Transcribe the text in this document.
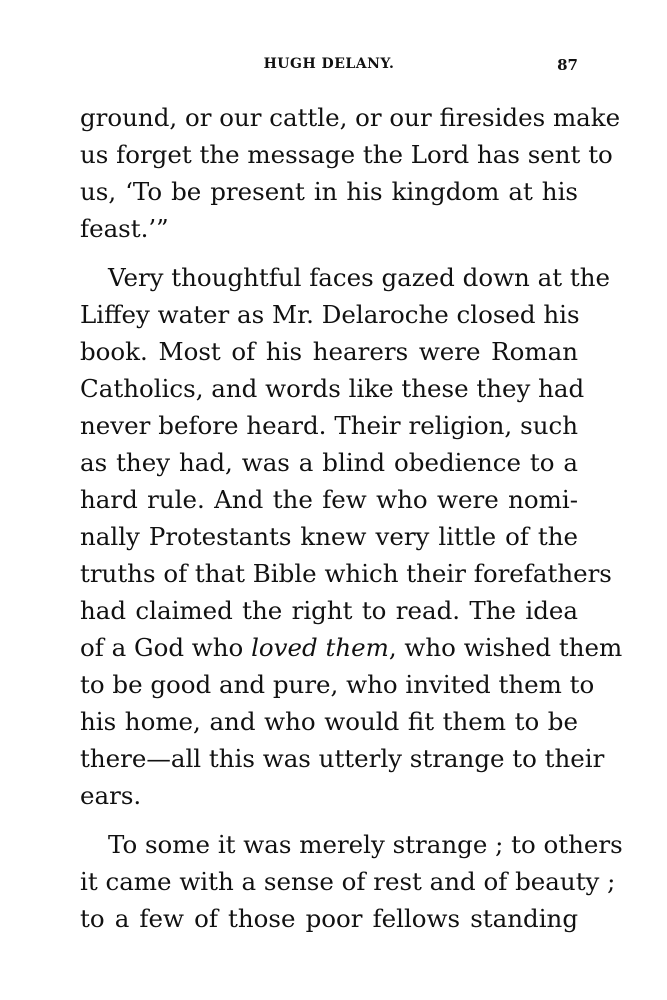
HUGH DELANY.	87
ground, or our cattle, or our firesides make
us forget the message the Lord has sent to
us, ‘To be present in his kingdom at his
feast.’”
Very thoughtful faces gazed down at the
Liffey water as Mr. Delaroche closed his
book. Most of his hearers were Roman
Catholics, and words like these they had
never before heard. Their religion, such
as they had, was a blind obedience to a
hard rule. And the few who were nomi-
nally Protestants knew very little of the
truths of that Bible which their forefathers
had claimed the right to read. The idea
of a God who loved them, who wished them
to be good and pure, who invited them to
his home, and who would fit them to be
there—all this was utterly strange to their
ears.
To some it was merely strange ; to others
it came with a sense of rest and of beauty ;
to a few of those poor fellows standing
